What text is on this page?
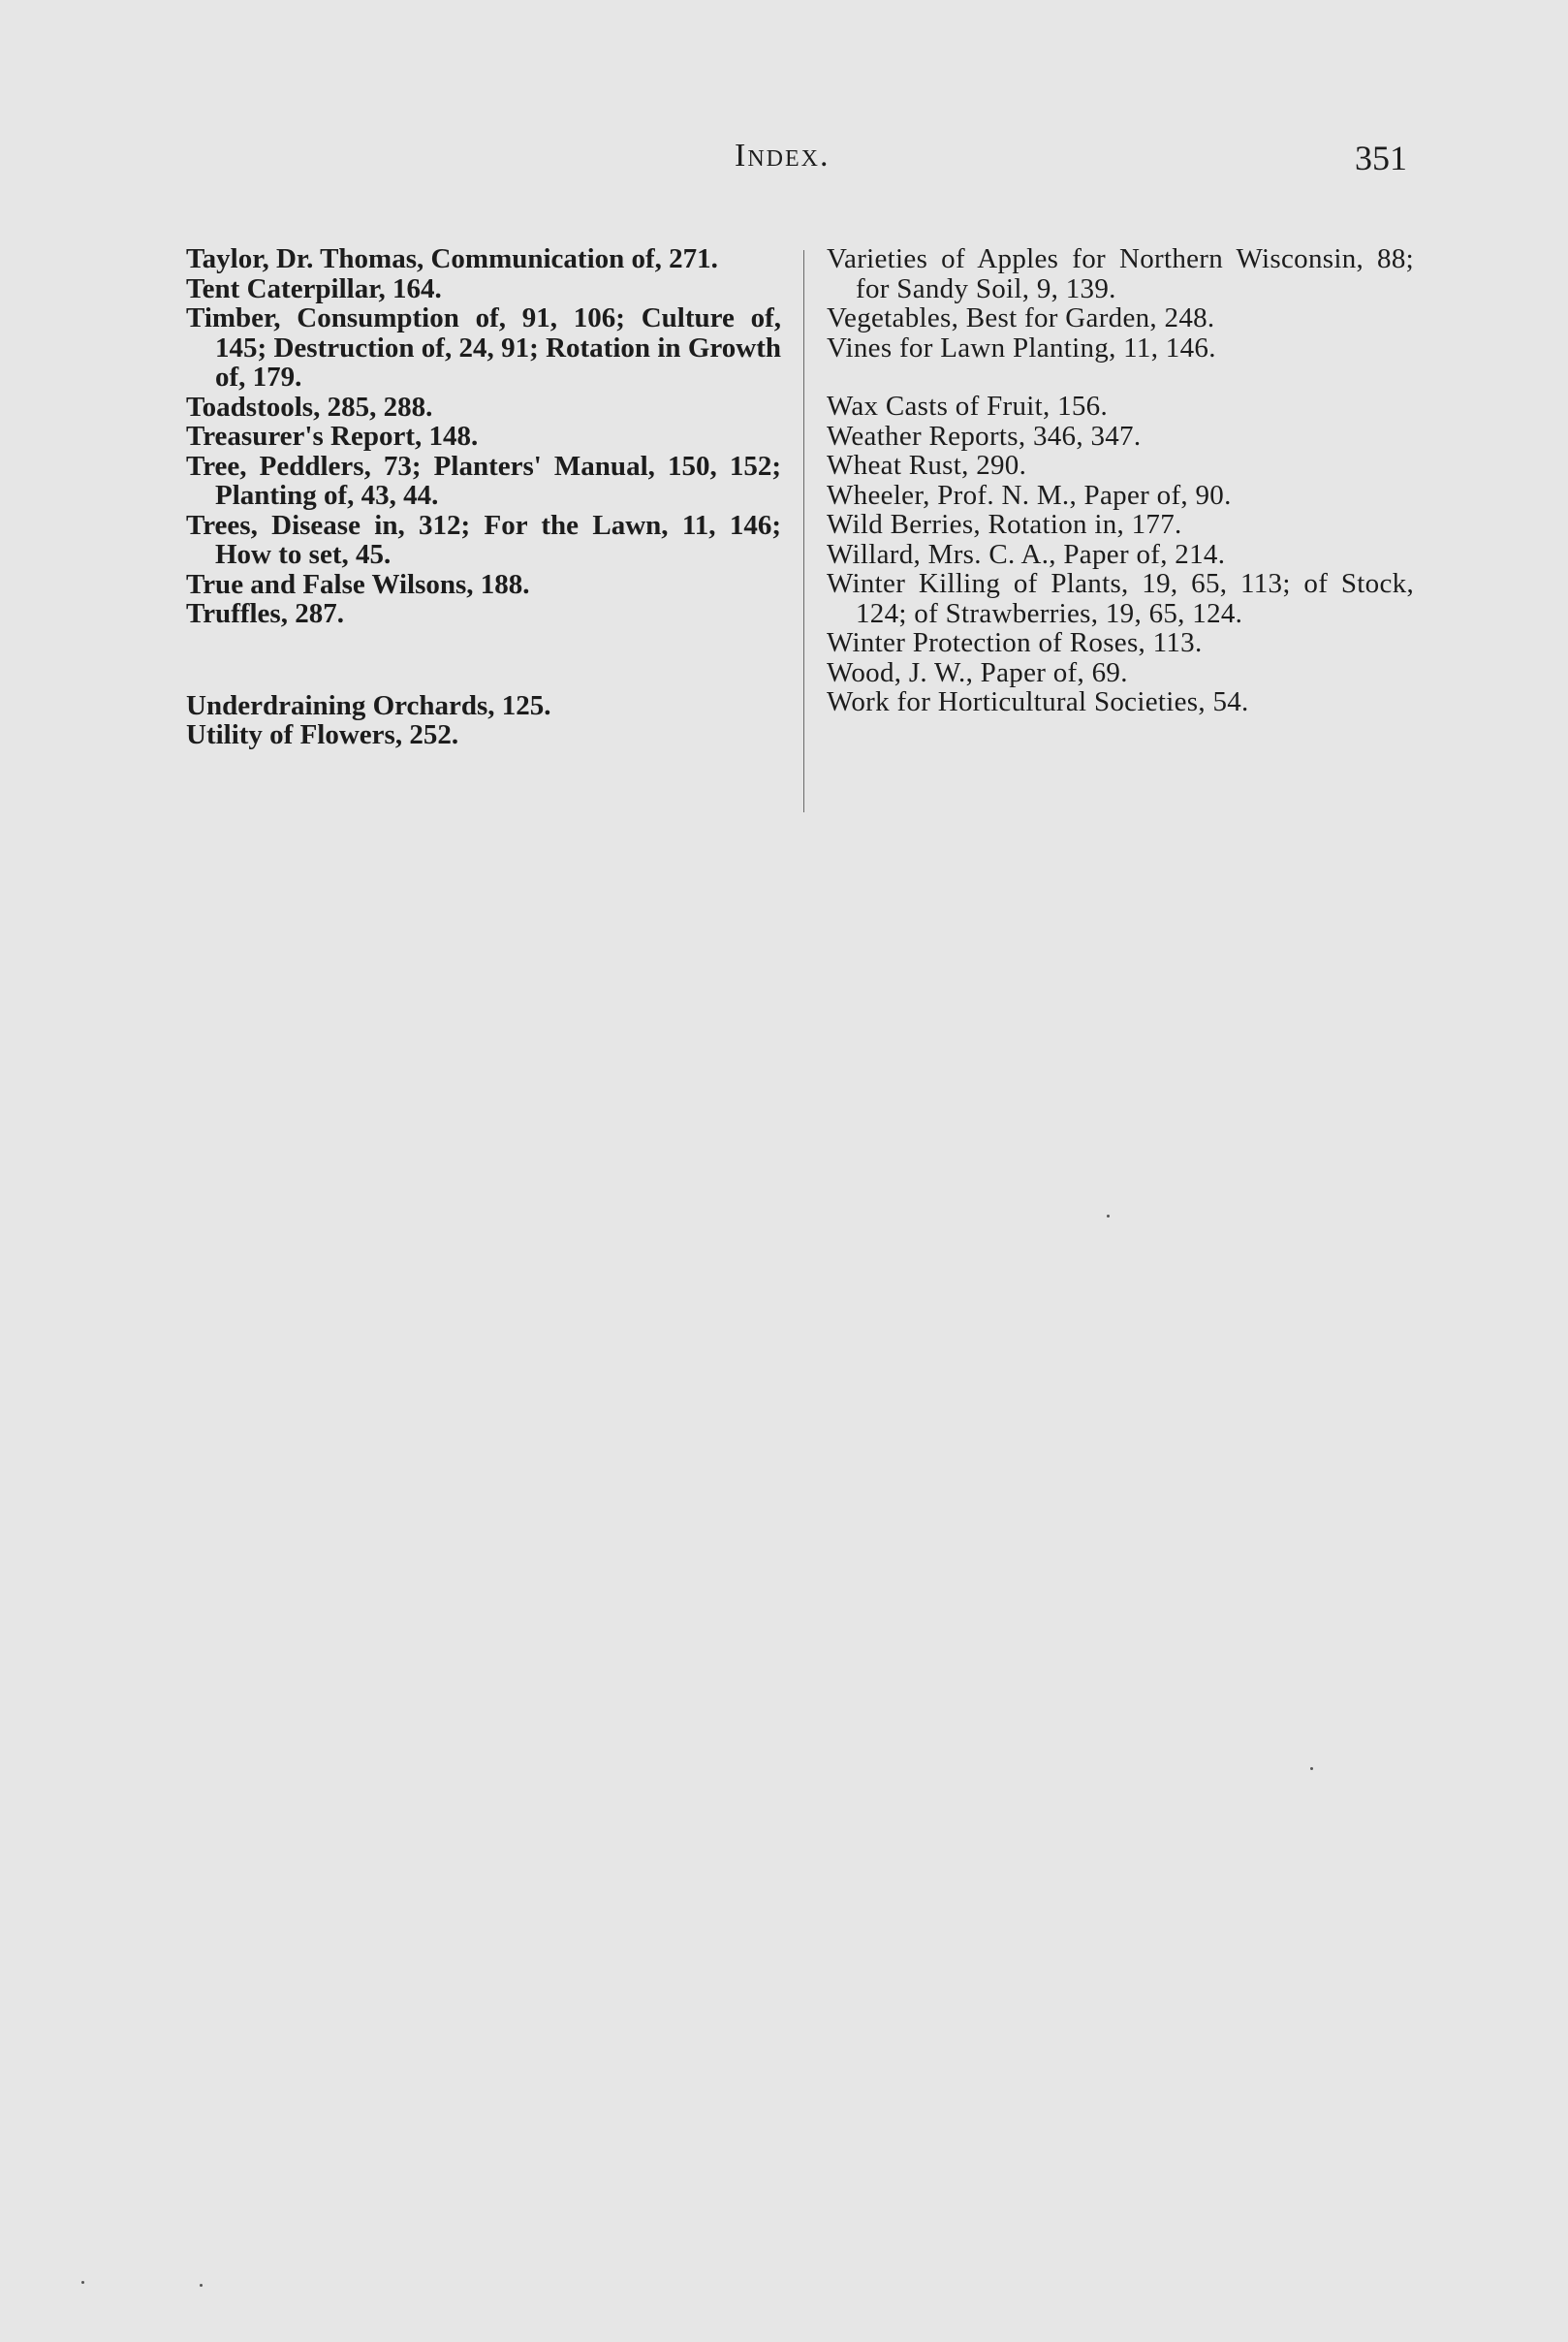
Index.	351
Taylor, Dr. Thomas, Communication of, 271.
Tent Caterpillar, 164.
Timber, Consumption of, 91, 106; Culture of, 145; Destruction of, 24, 91; Rotation in Growth of, 179.
Toadstools, 285, 288.
Treasurer's Report, 148.
Tree, Peddlers, 73; Planters' Manual, 150, 152; Planting of, 43, 44.
Trees, Disease in, 312; For the Lawn, 11, 146; How to set, 45.
True and False Wilsons, 188.
Truffles, 287.
Underdraining Orchards, 125.
Utility of Flowers, 252.
Varieties of Apples for Northern Wisconsin, 88; for Sandy Soil, 9, 139.
Vegetables, Best for Garden, 248.
Vines for Lawn Planting, 11, 146.
Wax Casts of Fruit, 156.
Weather Reports, 346, 347.
Wheat Rust, 290.
Wheeler, Prof. N. M., Paper of, 90.
Wild Berries, Rotation in, 177.
Willard, Mrs. C. A., Paper of, 214.
Winter Killing of Plants, 19, 65, 113; of Stock, 124; of Strawberries, 19, 65, 124.
Winter Protection of Roses, 113.
Wood, J. W., Paper of, 69.
Work for Horticultural Societies, 54.
